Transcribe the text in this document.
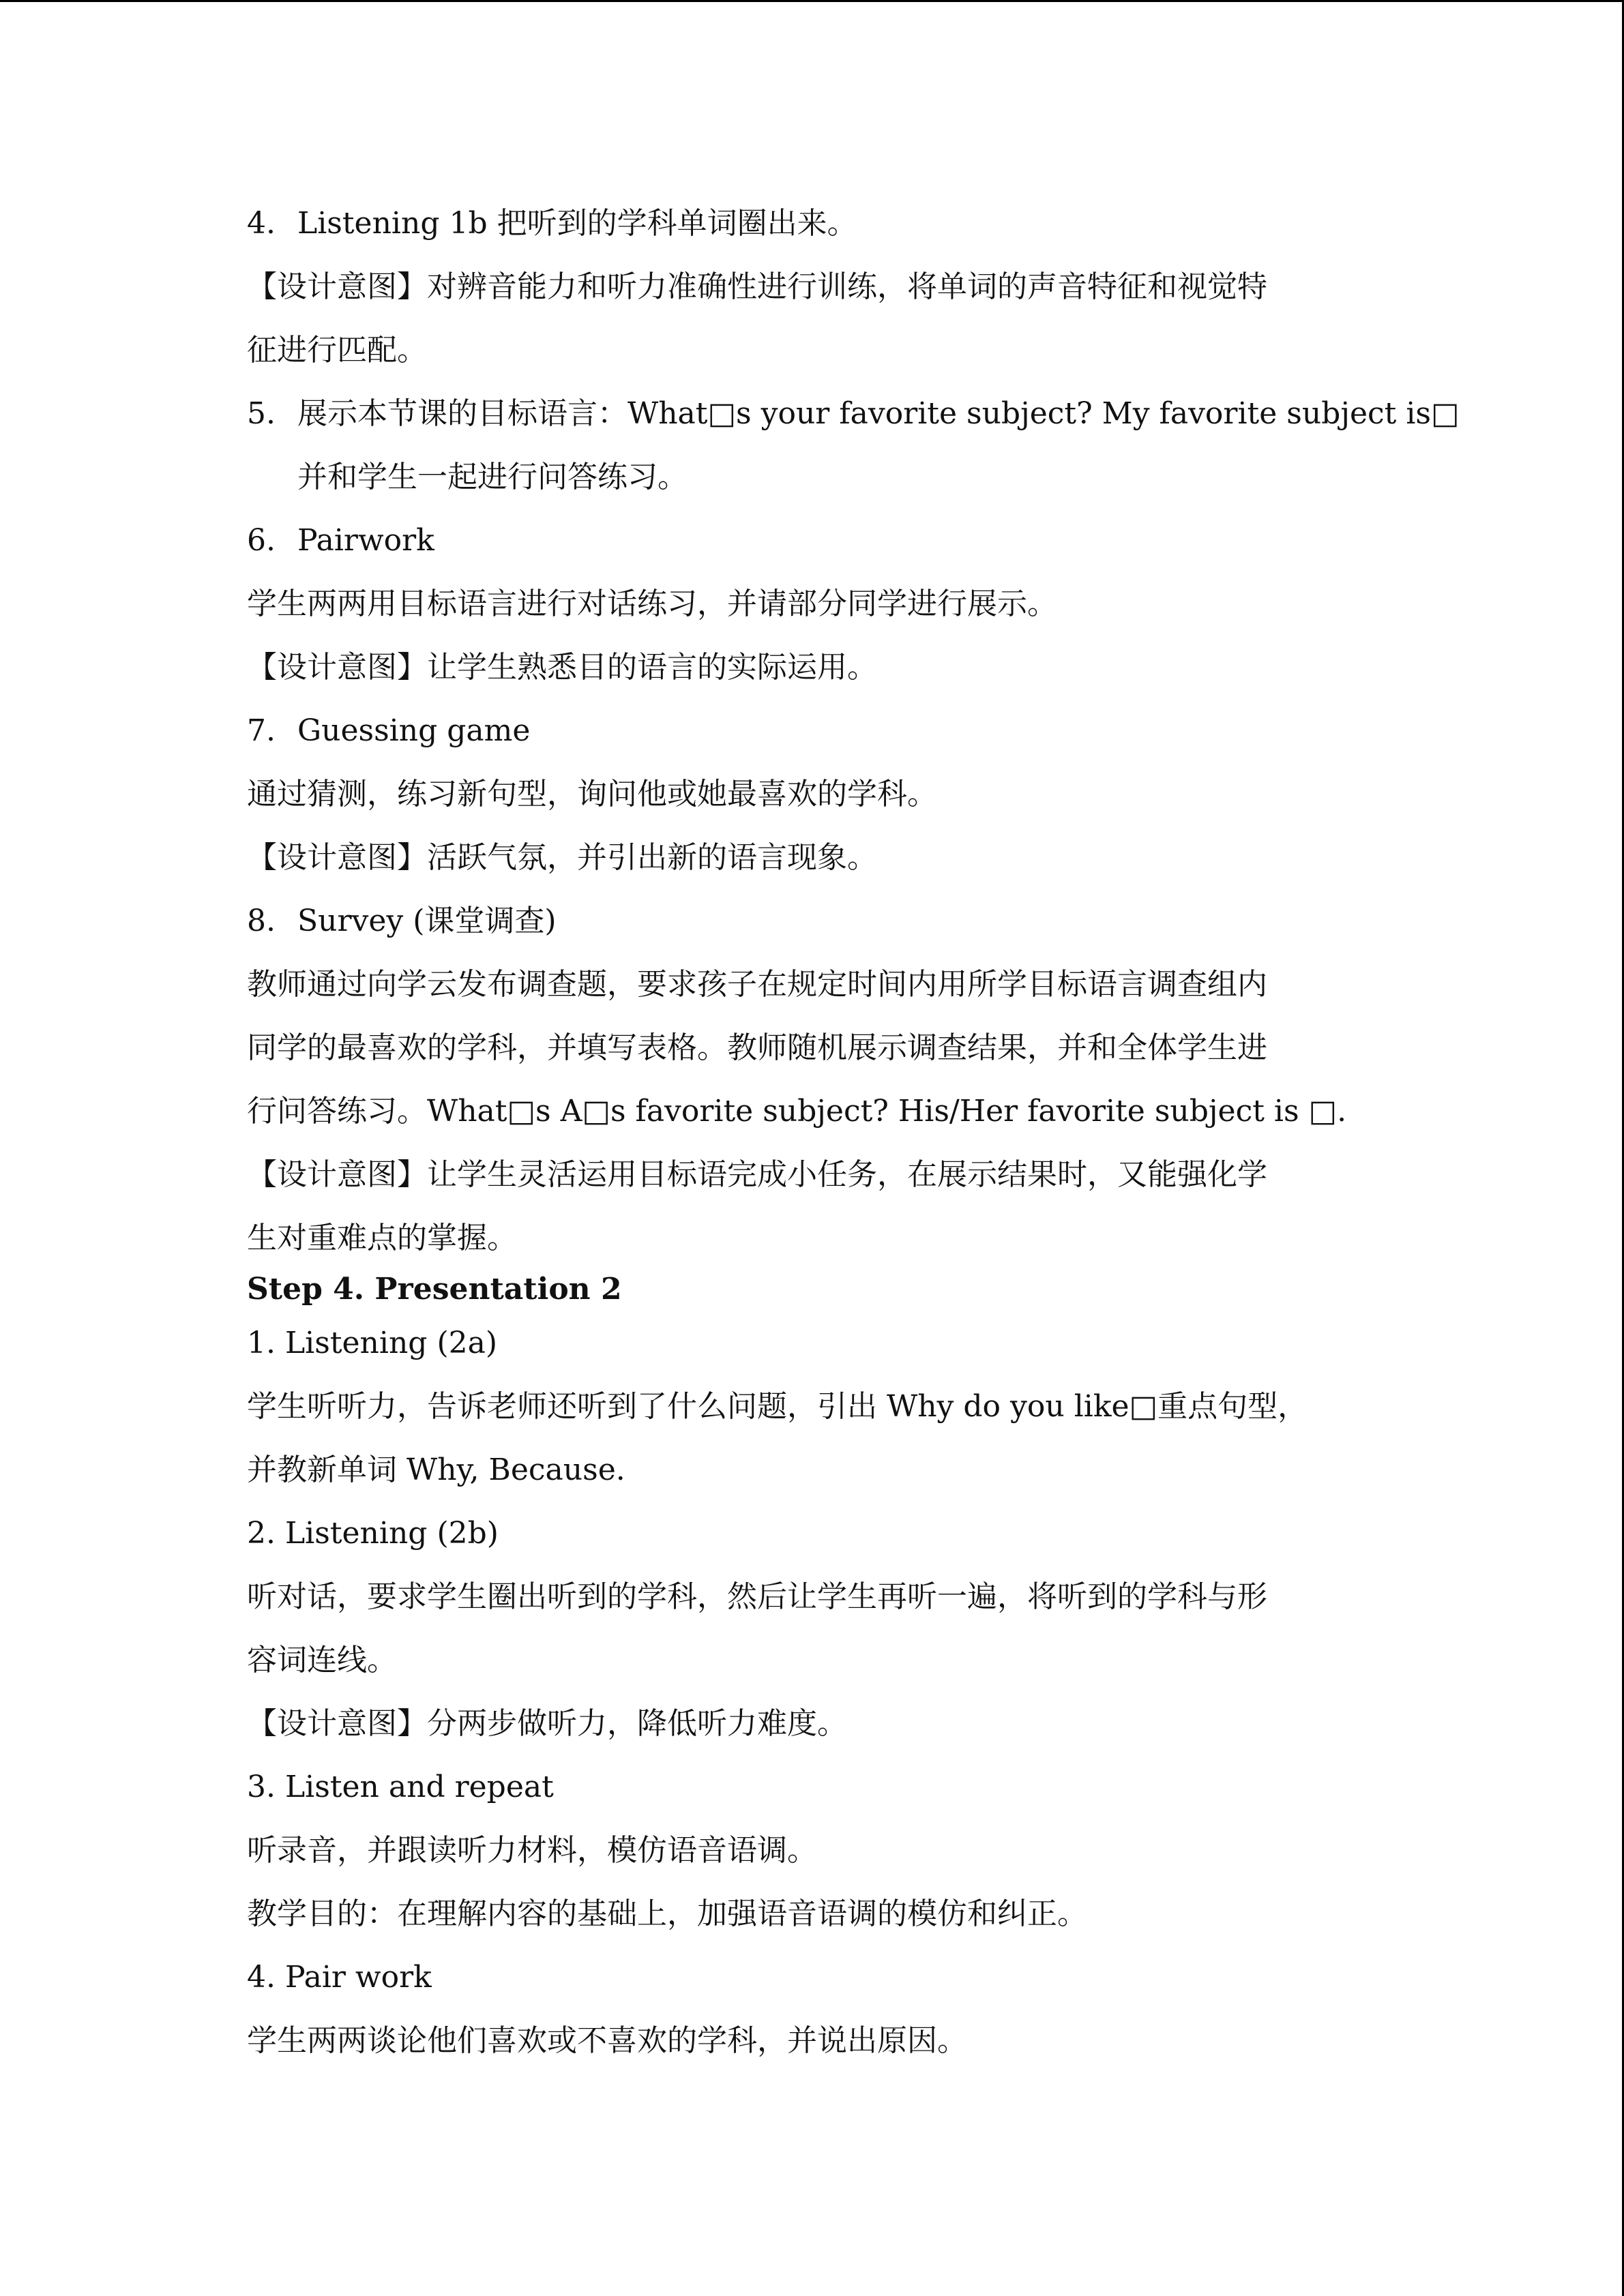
4. Listening 1b 把听到的学科单词圈出来。
【设计意图】对辨音能力和听力准确性进行训练，将单词的声音特征和视觉特
征进行匹配。
5. 展示本节课的目标语言：What□s your favorite subject? My favorite subject is□
并和学生一起进行问答练习。
6. Pairwork
学生两两用目标语言进行对话练习，并请部分同学进行展示。
【设计意图】让学生熟悉目的语言的实际运用。
7. Guessing game
通过猜测，练习新句型，询问他或她最喜欢的学科。
【设计意图】活跃气氛，并引出新的语言现象。
8. Survey (课堂调查)
教师通过向学云发布调查题，要求孩子在规定时间内用所学目标语言调查组内
同学的最喜欢的学科，并填写表格。教师随机展示调查结果，并和全体学生进
行问答练习。What□s A□s favorite subject? His/Her favorite subject is □.
【设计意图】让学生灵活运用目标语完成小任务，在展示结果时，又能强化学
生对重难点的掌握。
Step 4. Presentation 2
1. Listening (2a)
学生听听力，告诉老师还听到了什么问题，引出 Why do you like□重点句型，
并教新单词 Why, Because.
2. Listening (2b)
听对话，要求学生圈出听到的学科，然后让学生再听一遍，将听到的学科与形
容词连线。
【设计意图】分两步做听力，降低听力难度。
3. Listen and repeat
听录音，并跟读听力材料，模仿语音语调。
教学目的：在理解内容的基础上，加强语音语调的模仿和纠正。
4. Pair work
学生两两谈论他们喜欢或不喜欢的学科，并说出原因。
